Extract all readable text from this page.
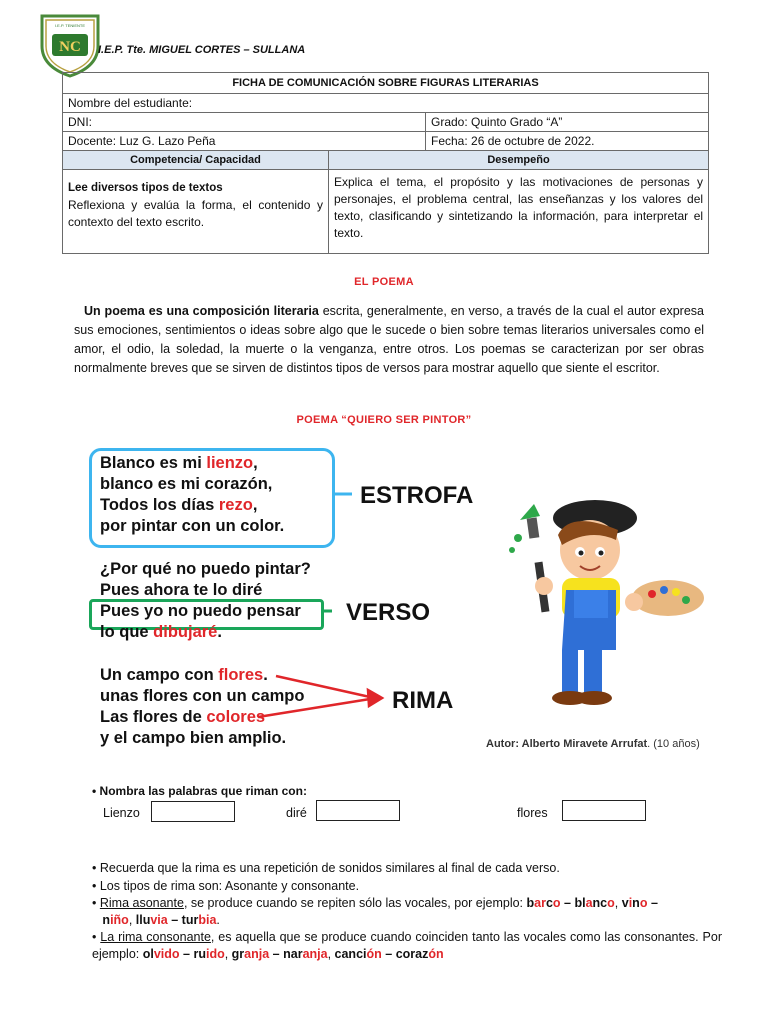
NC
I.E.P. TENIENTE
I.E.P. Tte. MIGUEL CORTES – SULLANA
FICHA DE COMUNICACIÓN SOBRE FIGURAS LITERARIAS		
Nombre del estudiante:		
DNI:		Grado: Quinto Grado “A”
Docente: Luz G. Lazo Peña		Fecha: 26 de octubre de 2022.
Competencia/ Capacidad	Desempeño	

Lee diversos tipos de textos
Reflexiona y evalúa la forma, el contenido y contexto del texto escrito.	Explica el tema, el propósito y las motivaciones de personas y personajes, el problema central, las enseñanzas y los valores del texto, clasificando y sintetizando la información, para interpretar el texto.	
EL POEMA
Un poema es una composición literaria escrita, generalmente, en verso, a través de la cual el autor expresa sus emociones, sentimientos o ideas sobre algo que le sucede o bien sobre temas literarios universales como el amor, el odio, la soledad, la muerte o la venganza, entre otros. Los poemas se caracterizan por ser obras normalmente breves que se sirven de distintos tipos de versos para mostrar aquello que siente el escritor.
POEMA “QUIERO SER PINTOR”
Blanco es mi lienzo,
blanco es mi corazón,
Todos los días rezo,
por pintar con un color.
¿Por qué no puedo pintar?
Pues ahora te lo diré
Pues yo no puedo pensar
lo que dibujaré.
Un campo con flores.
unas flores con un campo
Las flores de colores
y el campo bien amplio.
ESTROFA
VERSO
RIMA
Autor: Alberto Miravete Arrufat. (10 años)
• Nombra las palabras que riman con:
Lienzo	diré	flores
• Recuerda que la rima es una repetición de sonidos similares al final de cada verso.
• Los tipos de rima son: Asonante y consonante.
• Rima asonante, se produce cuando se repiten sólo las vocales, por ejemplo: barco – blanco, vino –
niño, lluvia – turbia.
• La rima consonante, es aquella que se produce cuando coinciden tanto las vocales como las consonantes. Por ejemplo: olvido – ruido, granja – naranja, canción – corazón
